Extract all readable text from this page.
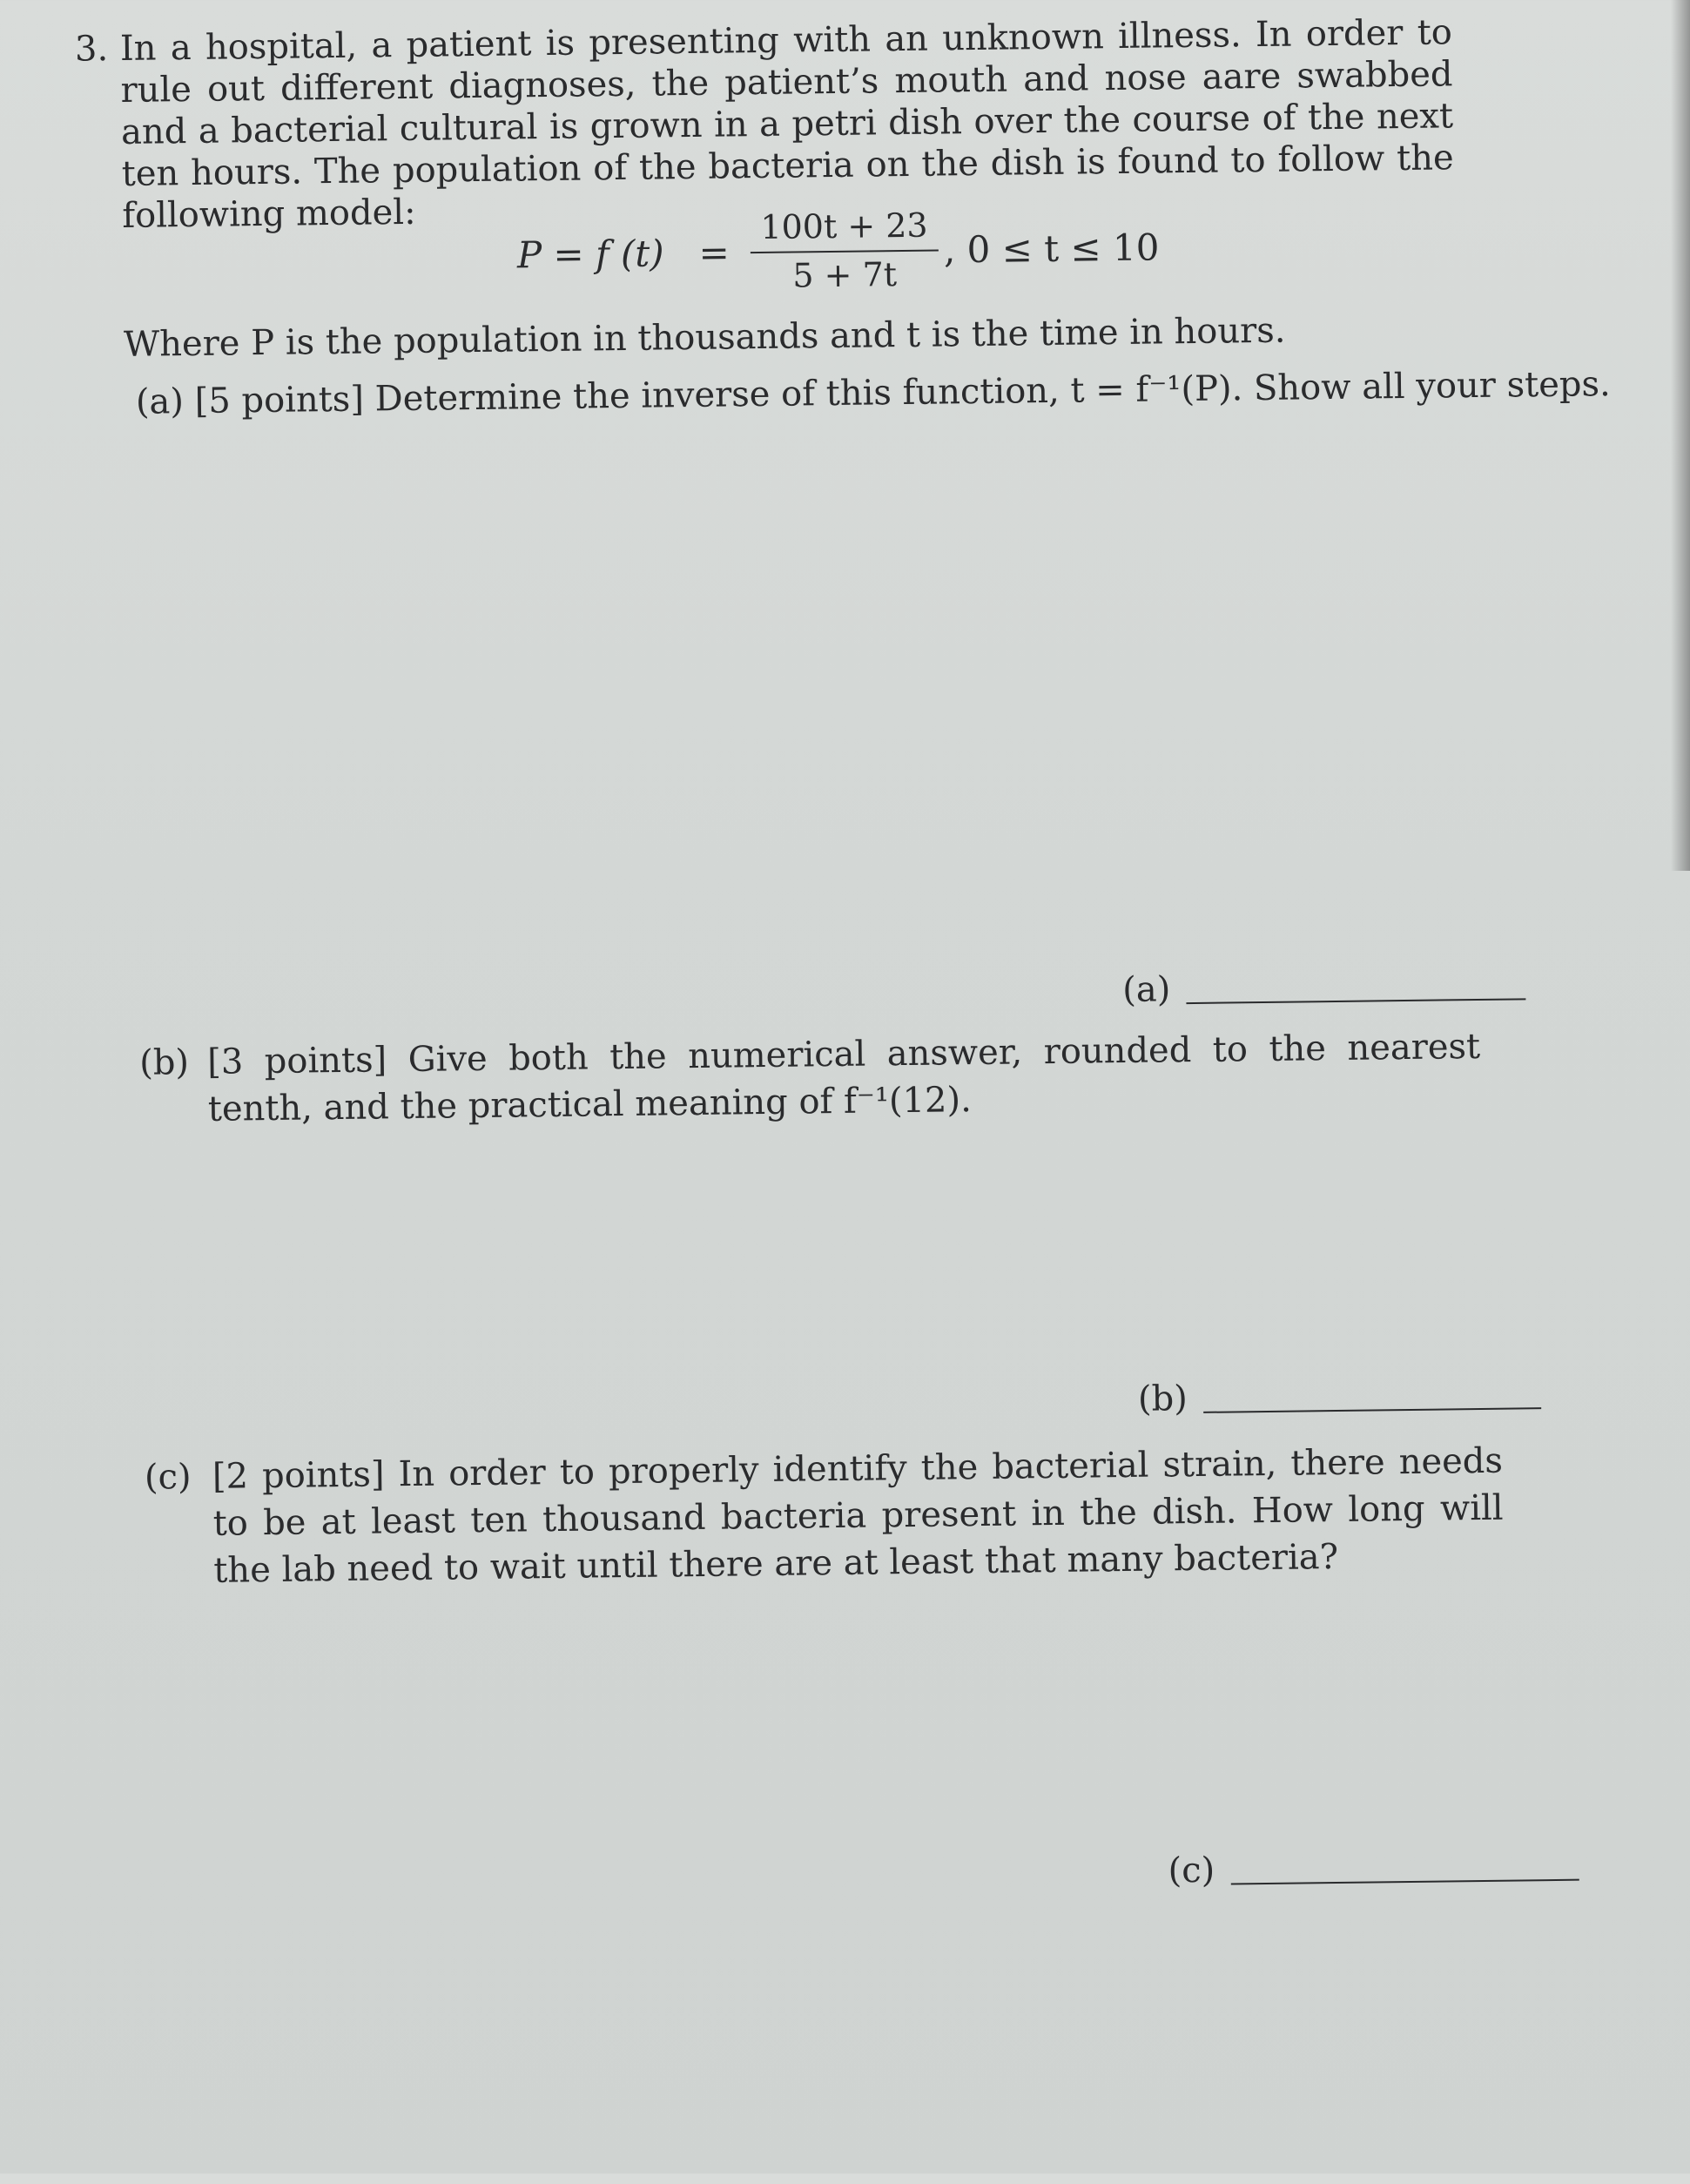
3. In a hospital, a patient is presenting with an unknown illness. In order to rule out different diagnoses, the patient’s mouth and nose aare swabbed and a bacterial cultural is grown in a petri dish over the course of the next ten hours. The population of the bacteria on the dish is found to follow the following model:

P = f $(t) = \frac{100t + 23}{5 + 7t}$ , 0 ≤ t ≤ 10
Where P is the population in thousands and t is the time in hours.
(a) [5 points] Determine the inverse of this function, t = f⁻¹(P). Show all your steps.
(a)
(b) [3 points] Give both the numerical answer, rounded to the nearest tenth, and the practical meaning of f⁻¹(12).
(b)
(c) [2 points] In order to properly identify the bacterial strain, there needs to be at least ten thousand bacteria present in the dish. How long will the lab need to wait until there are at least that many bacteria?
(c)
